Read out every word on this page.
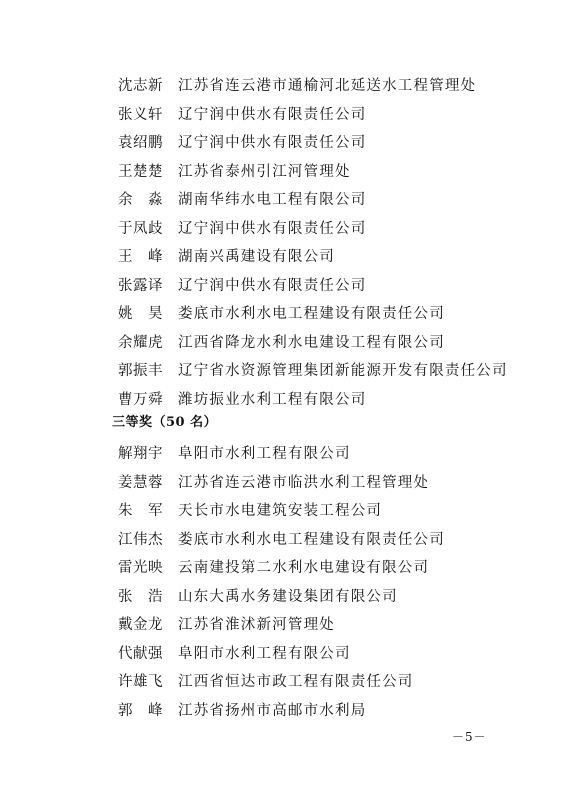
沈志新	江苏省连云港市通榆河北延送水工程管理处
张义轩	辽宁润中供水有限责任公司
袁绍鹏	辽宁润中供水有限责任公司
王楚楚	江苏省泰州引江河管理处
余　淼	湖南华纬水电工程有限公司
于凤歧	辽宁润中供水有限责任公司
王　峰	湖南兴禹建设有限公司
张露译	辽宁润中供水有限责任公司
姚　昊	娄底市水利水电工程建设有限责任公司
余耀虎	江西省降龙水利水电建设工程有限公司
郭振丰	辽宁省水资源管理集团新能源开发有限责任公司
曹万舜	潍坊振业水利工程有限公司
三等奖（50 名）
解翔宇	阜阳市水利工程有限公司
姜慧蓉	江苏省连云港市临洪水利工程管理处
朱　军	天长市水电建筑安装工程公司
江伟杰	娄底市水利水电工程建设有限责任公司
雷光映	云南建投第二水利水电建设有限公司
张　浩	山东大禹水务建设集团有限公司
戴金龙	江苏省淮沭新河管理处
代献强	阜阳市水利工程有限公司
许雄飞	江西省恒达市政工程有限责任公司
郭　峰	江苏省扬州市高邮市水利局
－5－
